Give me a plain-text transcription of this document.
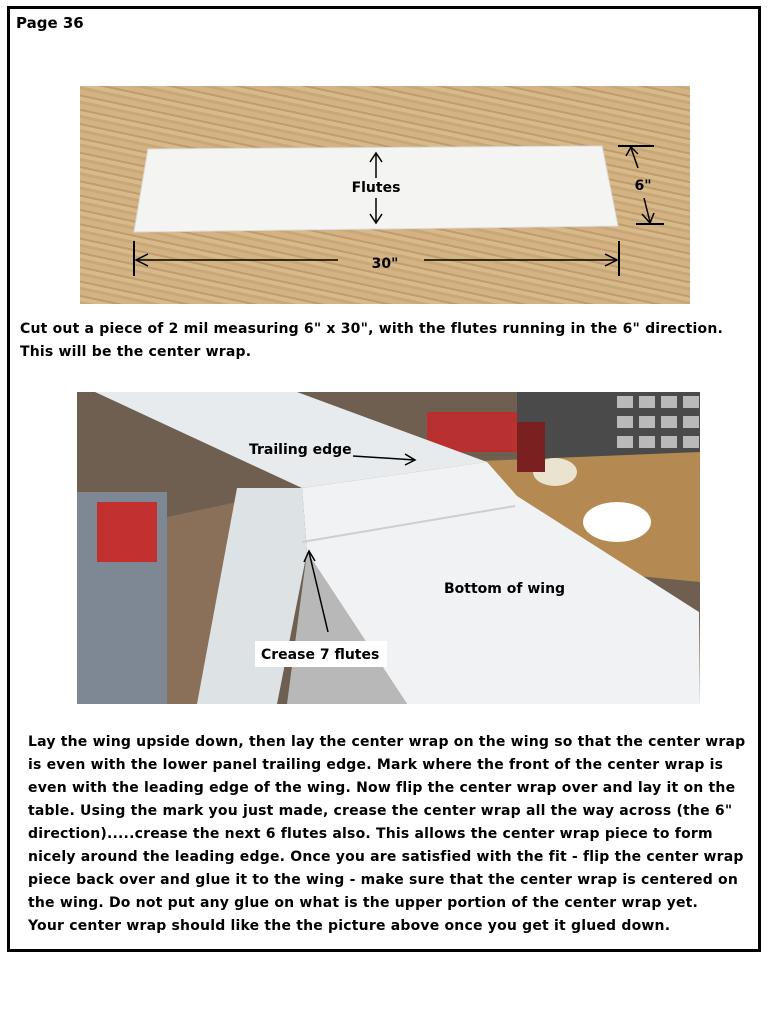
Page 36
Flutes	6"
30"
Cut out a piece of 2 mil measuring 6" x 30", with the flutes running in the 6" direction.
This will be the center wrap.
Trailing edge
Bottom of wing
Crease 7 flutes
Lay the wing upside down, then lay the center wrap on the wing so that the center wrap
is even with the lower panel trailing edge. Mark where the front of the center wrap is
even with the leading edge of the wing. Now flip the center wrap over and lay it on the
table. Using the mark you just made, crease the center wrap all the way across (the 6"
direction).....crease the next 6 flutes also. This allows the center wrap piece to form
nicely around the leading edge. Once you are satisfied with the fit - flip the center wrap
piece back over and glue it to the wing - make sure that the center wrap is centered on
the wing. Do not put any glue on what is the upper portion of the center wrap yet.
Your center wrap should like the the picture above once you get it glued down.
